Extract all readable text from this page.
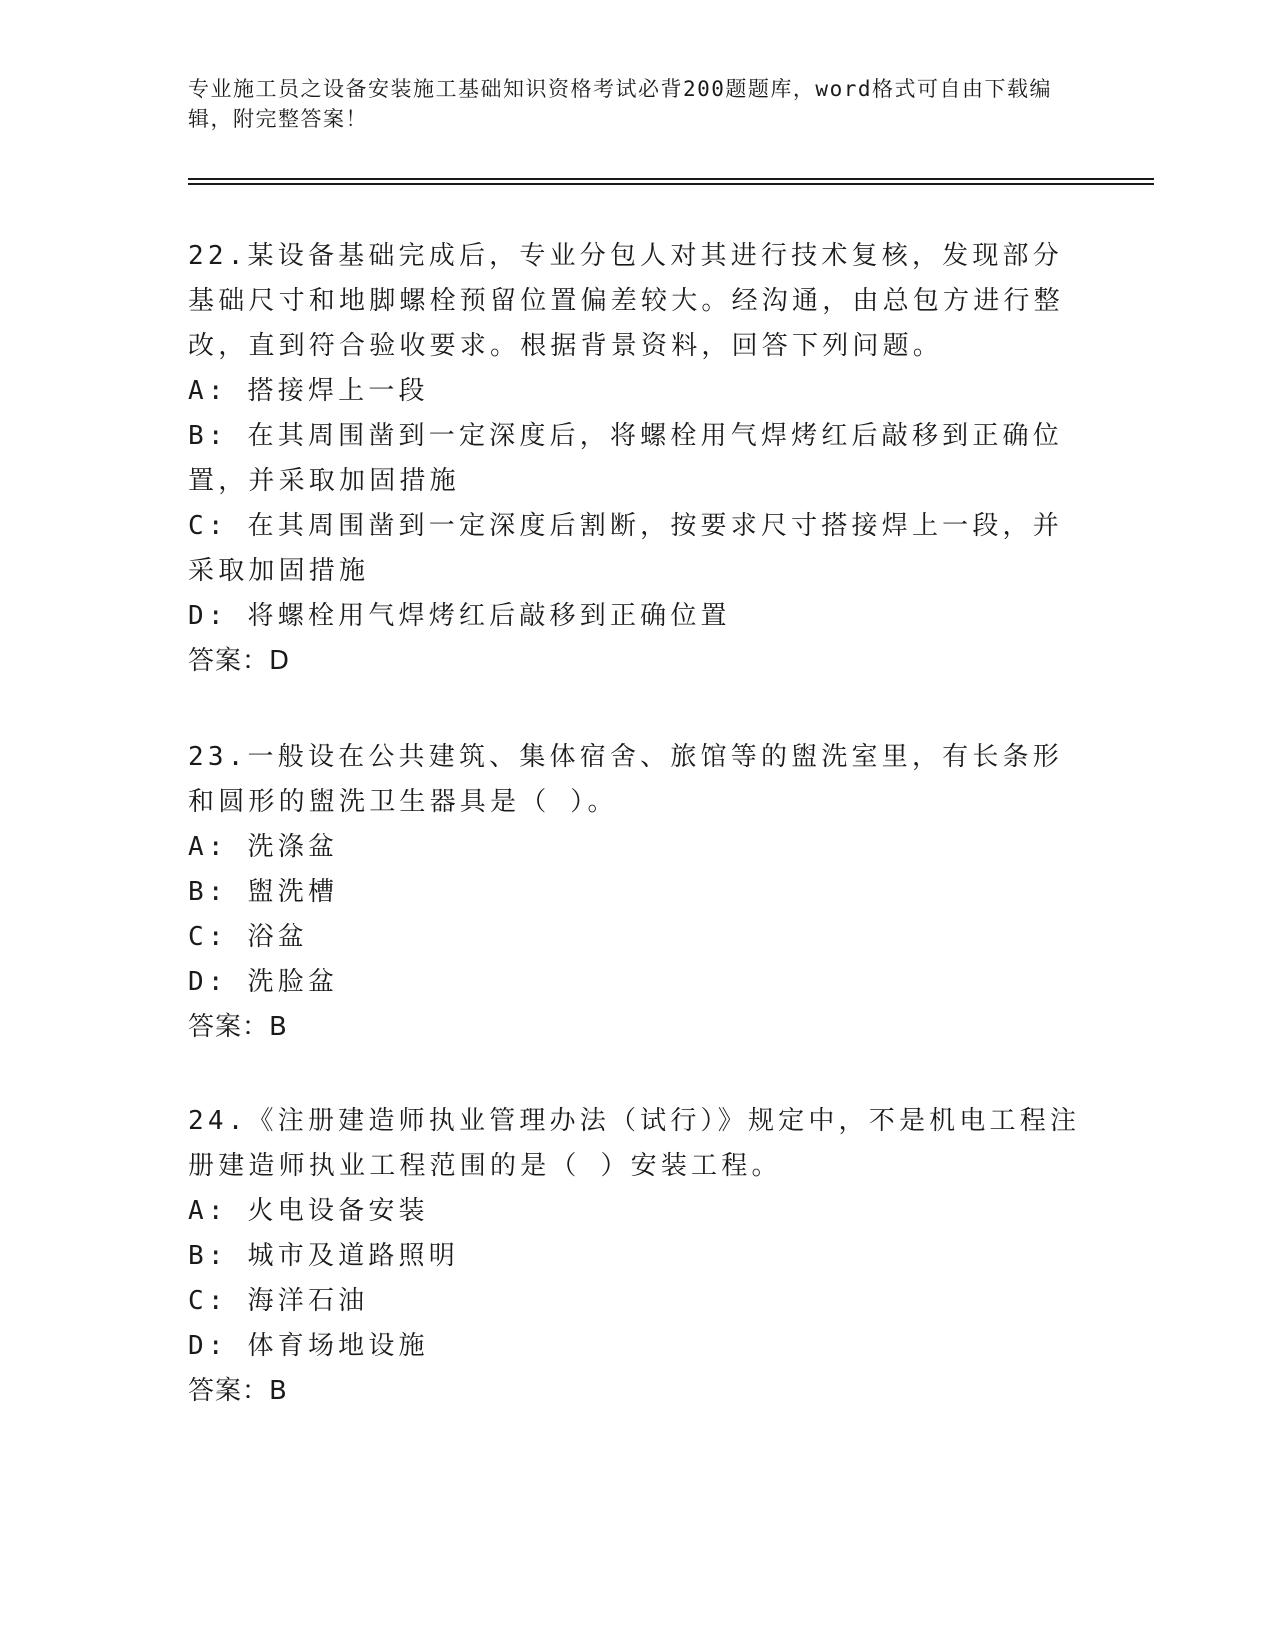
专业施工员之设备安装施工基础知识资格考试必背200题题库，word格式可自由下载编辑，附完整答案！

22.某设备基础完成后，专业分包人对其进行技术复核，发现部分基础尺寸和地脚螺栓预留位置偏差较大。经沟通，由总包方进行整改，直到符合验收要求。根据背景资料，回答下列问题。

A: 搭接焊上一段

B: 在其周围凿到一定深度后，将螺栓用气焊烤红后敲移到正确位置，并采取加固措施

C: 在其周围凿到一定深度后割断，按要求尺寸搭接焊上一段，并采取加固措施

D: 将螺栓用气焊烤红后敲移到正确位置

答案：D

23.一般设在公共建筑、集体宿舍、旅馆等的盥洗室里，有长条形和圆形的盥洗卫生器具是（ ）。

A: 洗涤盆

B: 盥洗槽

C: 浴盆

D: 洗脸盆

答案：B

24.《注册建造师执业管理办法（试行）》规定中，不是机电工程注册建造师执业工程范围的是（ ）安装工程。

A: 火电设备安装

B: 城市及道路照明

C: 海洋石油

D: 体育场地设施

答案：B
